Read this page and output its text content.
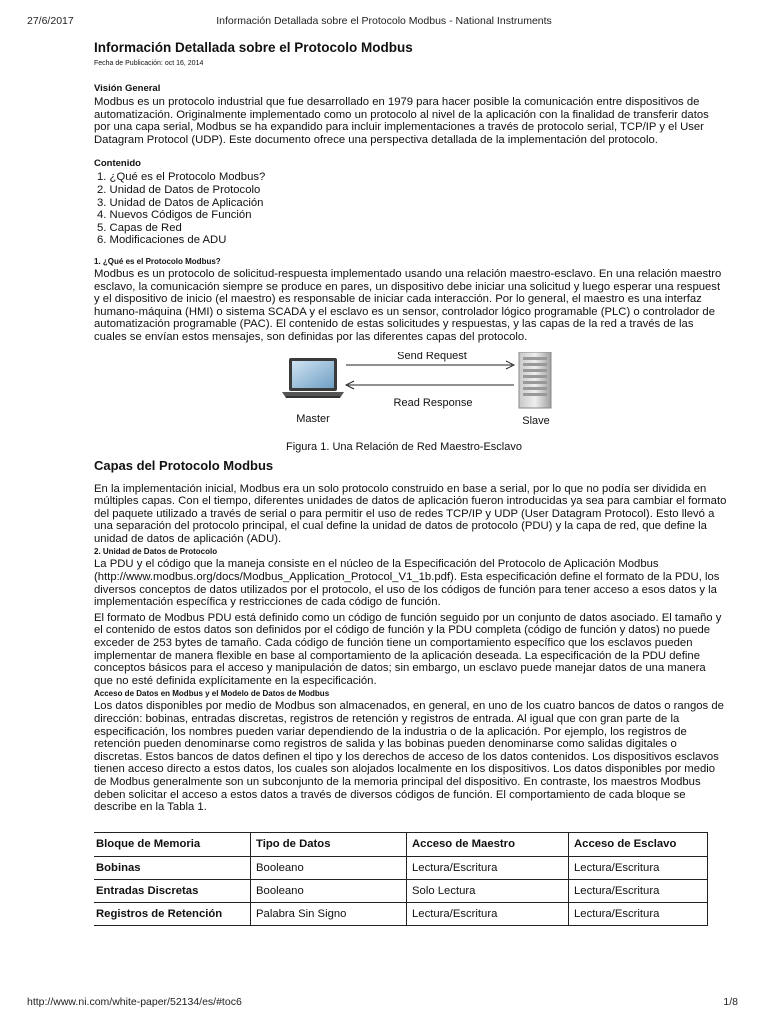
27/6/2017	Información Detallada sobre el Protocolo Modbus - National Instruments
Información Detallada sobre el Protocolo Modbus
Fecha de Publicación: oct 16, 2014
Visión General
Modbus es un protocolo industrial que fue desarrollado en 1979 para hacer posible la comunicación entre dispositivos de
automatización. Originalmente implementado como un protocolo al nivel de la aplicación con la finalidad de transferir datos
por una capa serial, Modbus se ha expandido para incluir implementaciones a través de protocolo serial, TCP/IP y el User
Datagram Protocol (UDP). Este documento ofrece una perspectiva detallada de la implementación del protocolo.
Contenido
1. ¿Qué es el Protocolo Modbus?
2. Unidad de Datos de Protocolo
3. Unidad de Datos de Aplicación
4. Nuevos Códigos de Función
5. Capas de Red
6. Modificaciones de ADU
1. ¿Qué es el Protocolo Modbus?
Modbus es un protocolo de solicitud-respuesta implementado usando una relación maestro-esclavo. En una relación maestro
esclavo, la comunicación siempre se produce en pares, un dispositivo debe iniciar una solicitud y luego esperar una respuest
y el dispositivo de inicio (el maestro) es responsable de iniciar cada interacción. Por lo general, el maestro es una interfaz
humano-máquina (HMI) o sistema SCADA y el esclavo es un sensor, controlador lógico programable (PLC) o controlador de
automatización programable (PAC). El contenido de estas solicitudes y respuestas, y las capas de la red a través de las
cuales se envían estos mensajes, son definidas por las diferentes capas del protocolo.
Send Request
Read Response
Master	Slave
Figura 1. Una Relación de Red Maestro-Esclavo
Capas del Protocolo Modbus
En la implementación inicial, Modbus era un solo protocolo construido en base a serial, por lo que no podía ser dividida en
múltiples capas. Con el tiempo, diferentes unidades de datos de aplicación fueron introducidas ya sea para cambiar el formato
del paquete utilizado a través de serial o para permitir el uso de redes TCP/IP y UDP (User Datagram Protocol). Esto llevó a
una separación del protocolo principal, el cual define la unidad de datos de protocolo (PDU) y la capa de red, que define la
unidad de datos de aplicación (ADU).
2. Unidad de Datos de Protocolo
La PDU y el código que la maneja consiste en el núcleo de la Especificación del Protocolo de Aplicación Modbus
(http://www.modbus.org/docs/Modbus_Application_Protocol_V1_1b.pdf). Esta especificación define el formato de la PDU, los
diversos conceptos de datos utilizados por el protocolo, el uso de los códigos de función para tener acceso a esos datos y la
implementación específica y restricciones de cada código de función.
El formato de Modbus PDU está definido como un código de función seguido por un conjunto de datos asociado. El tamaño y
el contenido de estos datos son definidos por el código de función y la PDU completa (código de función y datos) no puede
exceder de 253 bytes de tamaño. Cada código de función tiene un comportamiento específico que los esclavos pueden
implementar de manera flexible en base al comportamiento de la aplicación deseada. La especificación de la PDU define
conceptos básicos para el acceso y manipulación de datos; sin embargo, un esclavo puede manejar datos de una manera
que no esté definida explícitamente en la especificación.
Acceso de Datos en Modbus y el Modelo de Datos de Modbus
Los datos disponibles por medio de Modbus son almacenados, en general, en uno de los cuatro bancos de datos o rangos de
dirección: bobinas, entradas discretas, registros de retención y registros de entrada. Al igual que con gran parte de la
especificación, los nombres pueden variar dependiendo de la industria o de la aplicación. Por ejemplo, los registros de
retención pueden denominarse como registros de salida y las bobinas pueden denominarse como salidas digitales o
discretas. Estos bancos de datos definen el tipo y los derechos de acceso de los datos contenidos. Los dispositivos esclavos
tienen acceso directo a estos datos, los cuales son alojados localmente en los dispositivos. Los datos disponibles por medio
de Modbus generalmente son un subconjunto de la memoria principal del dispositivo. En contraste, los maestros Modbus
deben solicitar el acceso a estos datos a través de diversos códigos de función. El comportamiento de cada bloque se
describe en la Tabla 1.
Bloque de Memoria	Tipo de Datos	Acceso de Maestro	Acceso de Esclavo
Bobinas	Booleano	Lectura/Escritura	Lectura/Escritura
Entradas Discretas	Booleano	Solo Lectura	Lectura/Escritura
Registros de Retención	Palabra Sin Signo	Lectura/Escritura	Lectura/Escritura
http://www.ni.com/white-paper/52134/es/#toc6	1/8
